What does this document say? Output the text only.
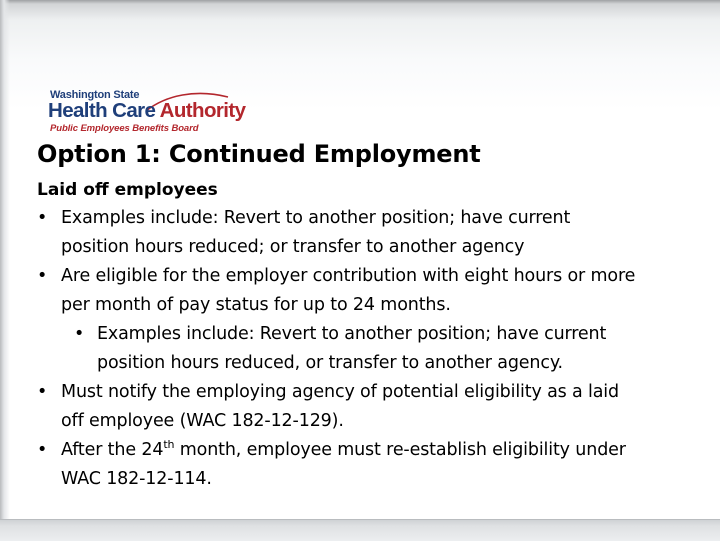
Washington State
Health Care Authority
Public Employees Benefits Board
Option 1: Continued Employment
Laid off employees
• Examples include: Revert to another position; have current
position hours reduced; or transfer to another agency
• Are eligible for the employer contribution with eight hours or more
per month of pay status for up to 24 months.
• Examples include: Revert to another position; have current
position hours reduced, or transfer to another agency.
• Must notify the employing agency of potential eligibility as a laid
off employee (WAC 182-12-129).
• After the 24th month, employee must re-establish eligibility under
WAC 182-12-114.
